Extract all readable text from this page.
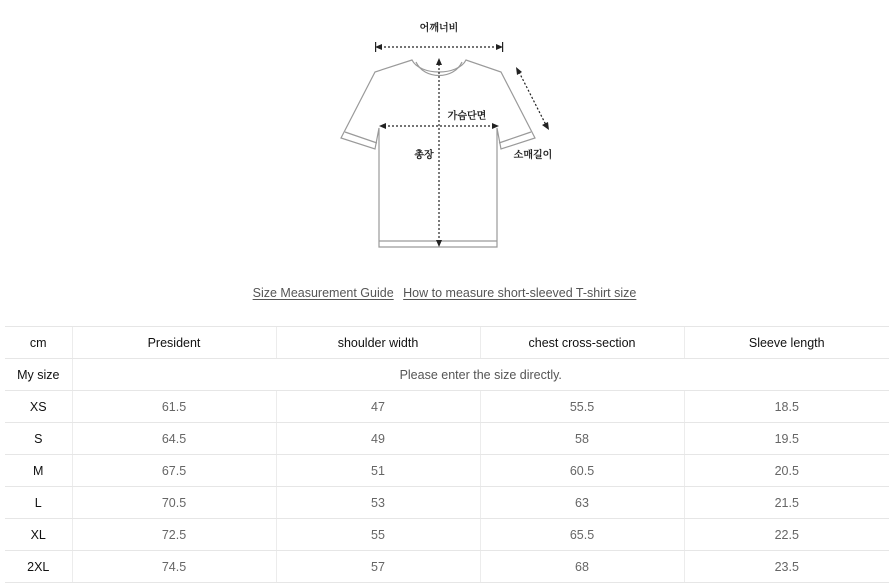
어깨너비
가슴단면
총장	소매길이
Size Measurement Guide How to measure short-sleeved T-shirt size
cm	President	shoulder width	chest cross-section	Sleeve length
My size	Please enter the size directly.			
XS	61.5	47	55.5	18.5
S	64.5	49	58	19.5
M	67.5	51	60.5	20.5
L	70.5	53	63	21.5
XL	72.5	55	65.5	22.5
2XL	74.5	57	68	23.5
